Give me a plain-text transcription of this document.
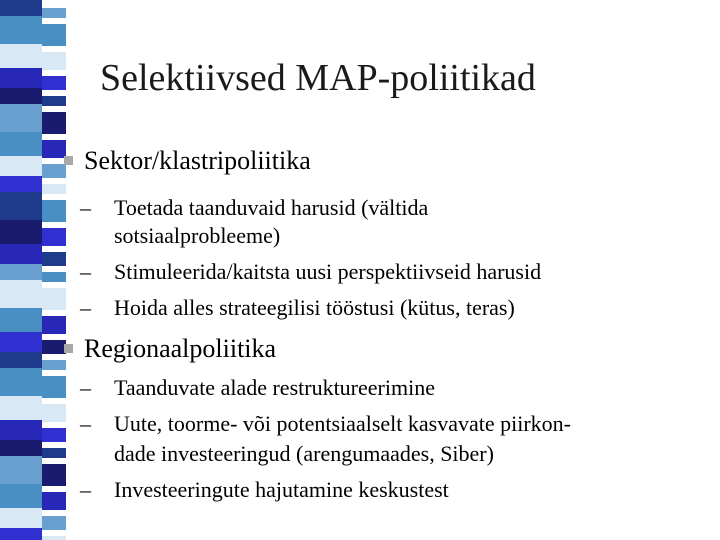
Selektiivsed MAP-poliitikad
Sektor/klastripoliitika
– Toetada taanduvaid harusid (vältida
sotsiaalprobleeme)
– Stimuleerida/kaitsta uusi perspektiivseid harusid
– Hoida alles strateegilisi tööstusi (kütus, teras)
Regionaalpoliitika
– Taanduvate alade restruktureerimine
– Uute, toorme- või potentsiaalselt kasvavate piirkon-
dade investeeringud (arengumaades, Siber)
– Investeeringute hajutamine keskustest
